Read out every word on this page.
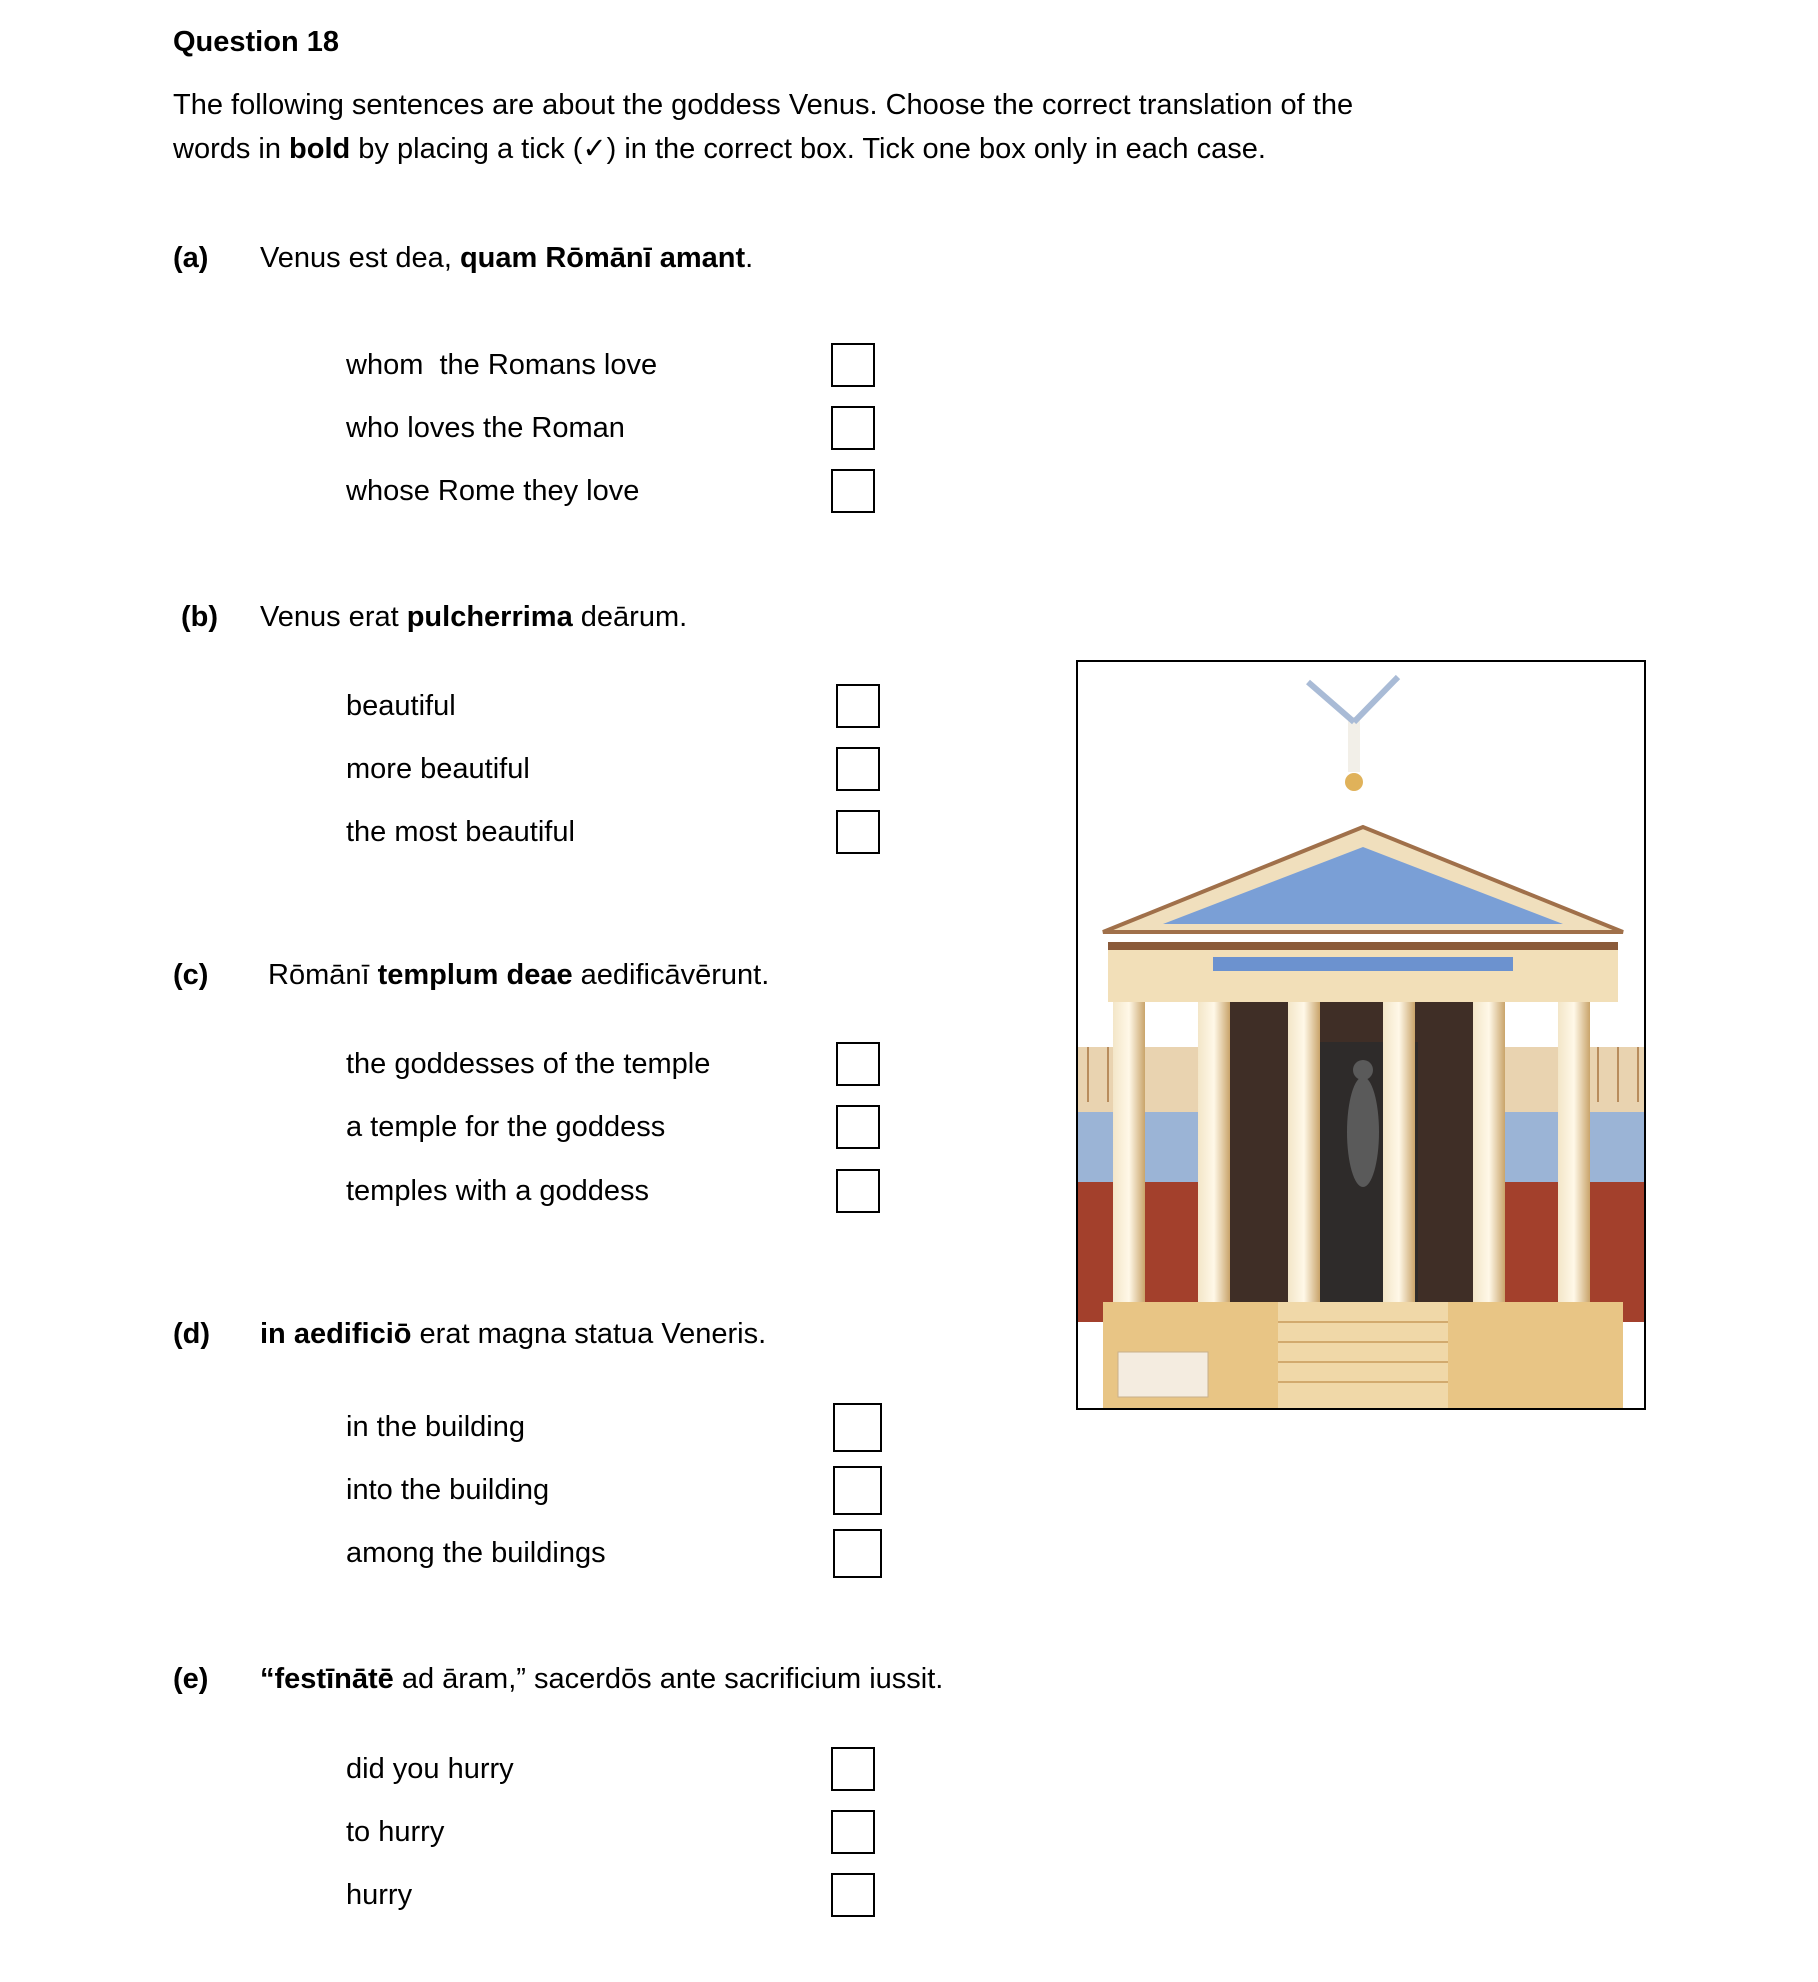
Question 18
The following sentences are about the goddess Venus. Choose the correct translation of the
words in bold by placing a tick (✓) in the correct box. Tick one box only in each case.
(a) Venus est dea, quam Rōmānī amant.
whom  the Romans love
who loves the Roman
whose Rome they love
(b) Venus erat pulcherrima deārum.
beautiful
more beautiful
the most beautiful
(c) Rōmānī templum deae aedificāvērunt.
the goddesses of the temple
a temple for the goddess
temples with a goddess
(d) in aedificiō erat magna statua Veneris.
in the building
into the building
among the buildings
(e) “festīnātē ad āram,” sacerdōs ante sacrificium iussit.
did you hurry
to hurry
hurry
